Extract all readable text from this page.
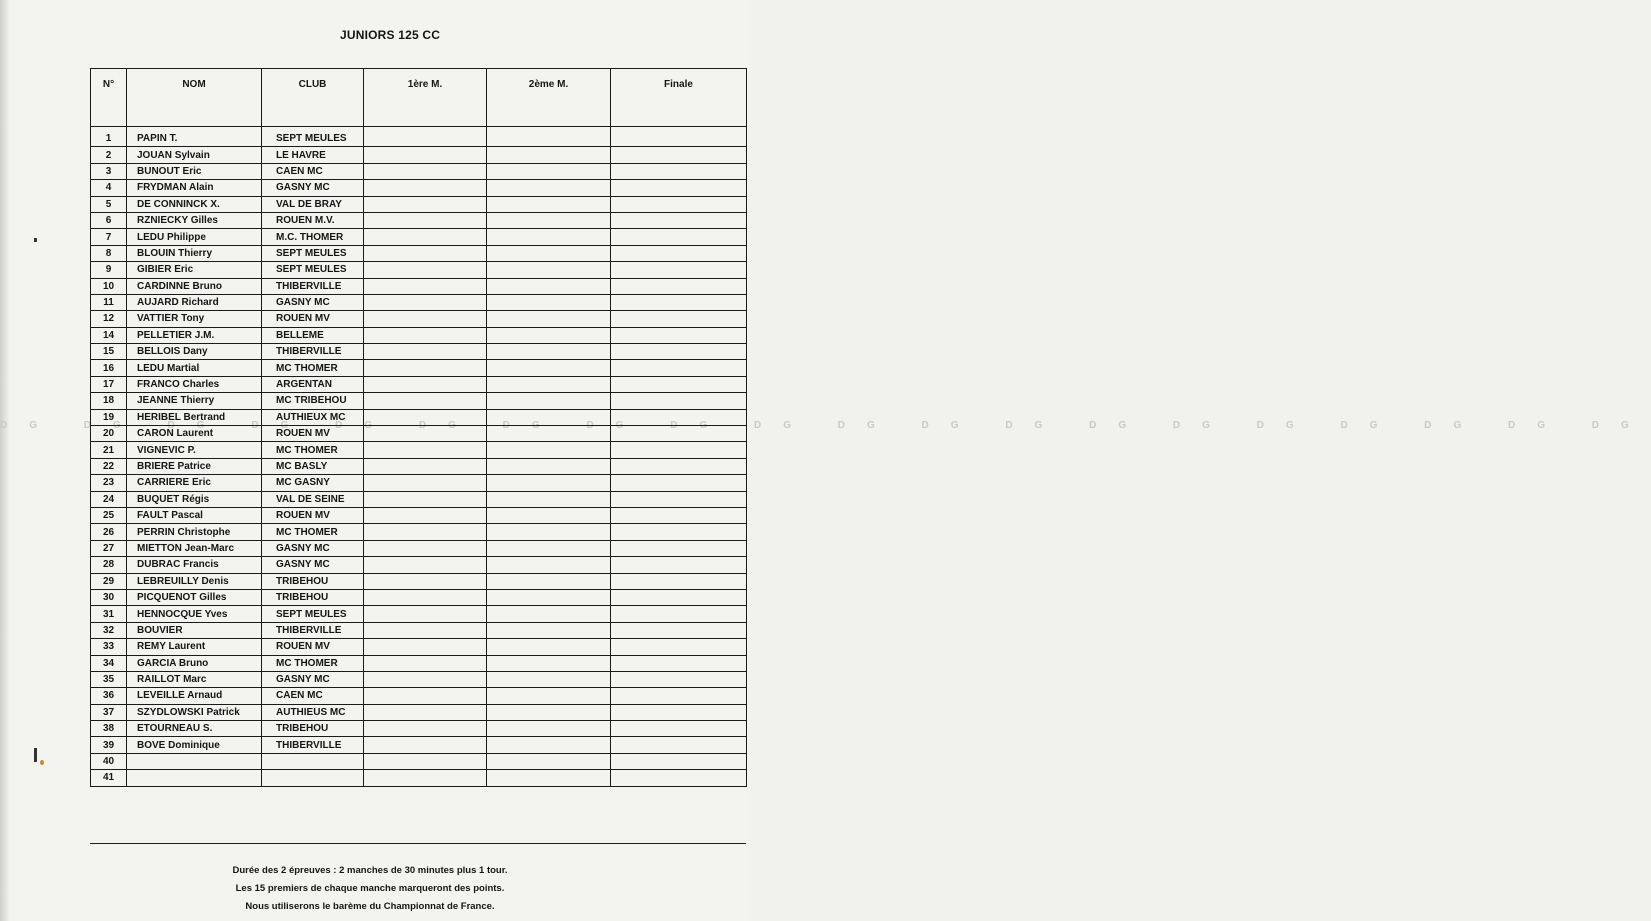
DG DG DG DG DG DG DG DG DG DG DG DG DG DG DG DG DG DG DG DG
JUNIORS 125 CC
N°	NOM	CLUB	1ère M.	2ème M.	Finale
1	PAPIN T.	SEPT MEULES			
2	JOUAN Sylvain	LE HAVRE			
3	BUNOUT Eric	CAEN MC			
4	FRYDMAN Alain	GASNY MC			
5	DE CONNINCK X.	VAL DE BRAY			
6	RZNIECKY Gilles	ROUEN M.V.			
7	LEDU Philippe	M.C. THOMER			
8	BLOUIN Thierry	SEPT MEULES			
9	GIBIER Eric	SEPT MEULES			
10	CARDINNE Bruno	THIBERVILLE			
11	AUJARD Richard	GASNY MC			
12	VATTIER Tony	ROUEN MV			
14	PELLETIER J.M.	BELLEME			
15	BELLOIS Dany	THIBERVILLE			
16	LEDU Martial	MC THOMER			
17	FRANCO Charles	ARGENTAN			
18	JEANNE Thierry	MC TRIBEHOU			
19	HERIBEL Bertrand	AUTHIEUX MC			
20	CARON Laurent	ROUEN MV			
21	VIGNEVIC P.	MC THOMER			
22	BRIERE Patrice	MC BASLY			
23	CARRIERE Eric	MC GASNY			
24	BUQUET Régis	VAL DE SEINE			
25	FAULT Pascal	ROUEN MV			
26	PERRIN Christophe	MC THOMER			
27	MIETTON Jean-Marc	GASNY MC			
28	DUBRAC Francis	GASNY MC			
29	LEBREUILLY Denis	TRIBEHOU			
30	PICQUENOT Gilles	TRIBEHOU			
31	HENNOCQUE Yves	SEPT MEULES			
32	BOUVIER	THIBERVILLE			
33	REMY Laurent	ROUEN MV			
34	GARCIA Bruno	MC THOMER			
35	RAILLOT Marc	GASNY MC			
36	LEVEILLE Arnaud	CAEN MC			
37	SZYDLOWSKI Patrick	AUTHIEUS MC			
38	ETOURNEAU S.	TRIBEHOU			
39	BOVE Dominique	THIBERVILLE			
40					
41					
Durée des 2 épreuves : 2 manches de 30 minutes plus 1 tour.
Les 15 premiers de chaque manche marqueront des points.
Nous utiliserons le barème du Championnat de France.
